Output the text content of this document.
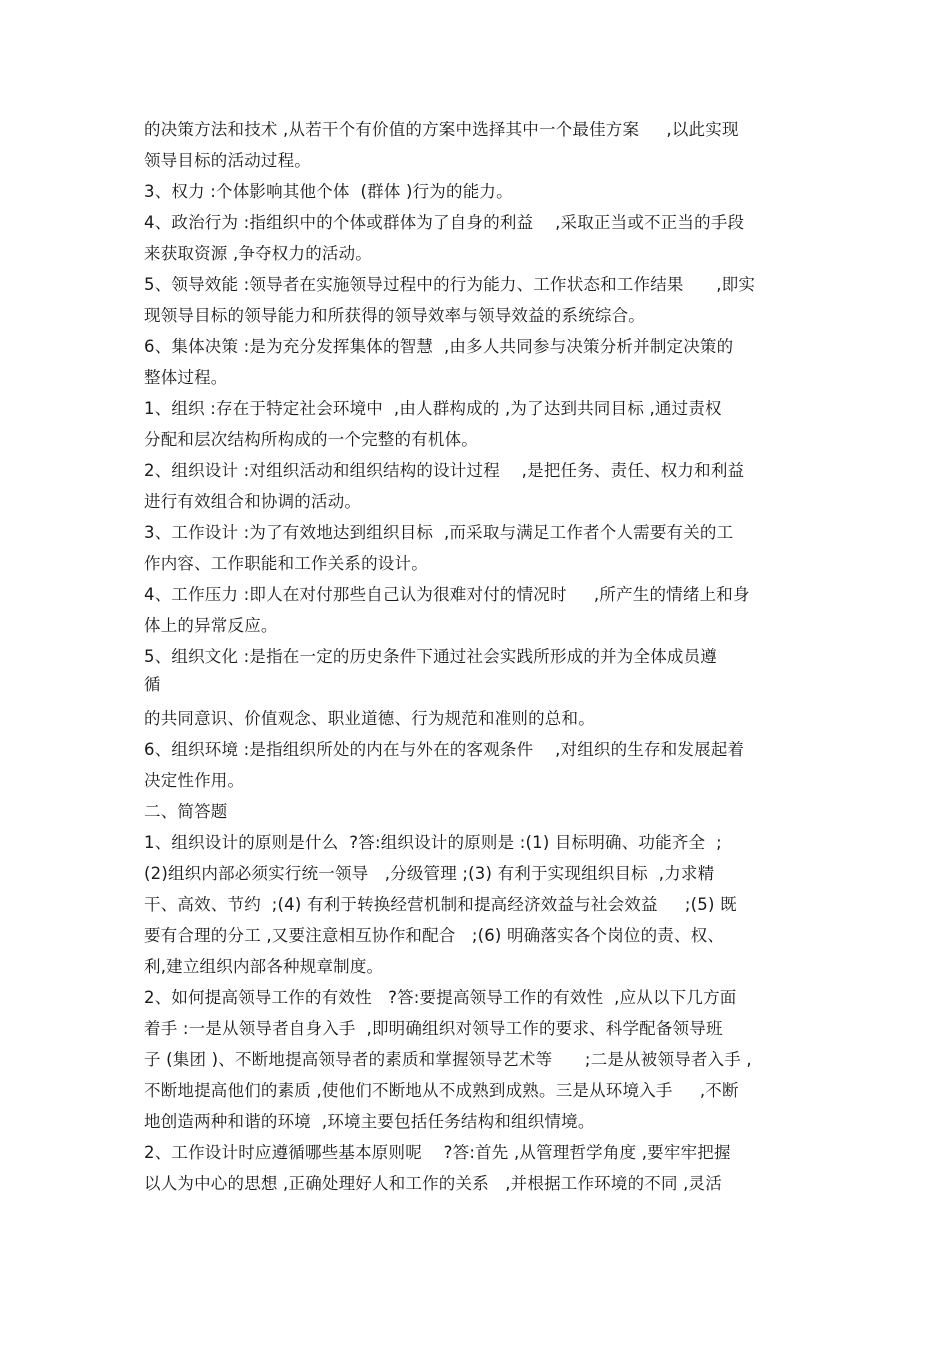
的决策方法和技术 ,从若干个有价值的方案中选择其中一个最佳方案     ,以此实现
领导目标的活动过程。
3、权力 :个体影响其他个体  (群体 )行为的能力。
4、政治行为 :指组织中的个体或群体为了自身的利益    ,采取正当或不正当的手段
来获取资源 ,争夺权力的活动。
5、领导效能 :领导者在实施领导过程中的行为能力、工作状态和工作结果      ,即实
现领导目标的领导能力和所获得的领导效率与领导效益的系统综合。
6、集体决策 :是为充分发挥集体的智慧  ,由多人共同参与决策分析并制定决策的
整体过程。
1、组织 :存在于特定社会环境中  ,由人群构成的 ,为了达到共同目标 ,通过责权
分配和层次结构所构成的一个完整的有机体。
2、组织设计 :对组织活动和组织结构的设计过程    ,是把任务、责任、权力和利益
进行有效组合和协调的活动。
3、工作设计 :为了有效地达到组织目标  ,而采取与满足工作者个人需要有关的工
作内容、工作职能和工作关系的设计。
4、工作压力 :即人在对付那些自己认为很难对付的情况时     ,所产生的情绪上和身
体上的异常反应。
5、组织文化 :是指在一定的历史条件下通过社会实践所形成的并为全体成员遵
循
的共同意识、价值观念、职业道德、行为规范和准则的总和。
6、组织环境 :是指组织所处的内在与外在的客观条件    ,对组织的生存和发展起着
决定性作用。
二、简答题
1、组织设计的原则是什么  ?答:组织设计的原则是 :(1) 目标明确、功能齐全  ;
(2)组织内部必须实行统一领导   ,分级管理 ;(3) 有利于实现组织目标  ,力求精
干、高效、节约  ;(4) 有利于转换经营机制和提高经济效益与社会效益     ;(5) 既
要有合理的分工 ,又要注意相互协作和配合   ;(6) 明确落实各个岗位的责、权、
利,建立组织内部各种规章制度。
2、如何提高领导工作的有效性   ?答:要提高领导工作的有效性  ,应从以下几方面
着手 :一是从领导者自身入手  ,即明确组织对领导工作的要求、科学配备领导班
子 (集团 )、不断地提高领导者的素质和掌握领导艺术等      ;二是从被领导者入手 ,
不断地提高他们的素质 ,使他们不断地从不成熟到成熟。三是从环境入手     ,不断
地创造两种和谐的环境  ,环境主要包括任务结构和组织情境。
2、工作设计时应遵循哪些基本原则呢    ?答:首先 ,从管理哲学角度 ,要牢牢把握
以人为中心的思想 ,正确处理好人和工作的关系   ,并根据工作环境的不同 ,灵活
